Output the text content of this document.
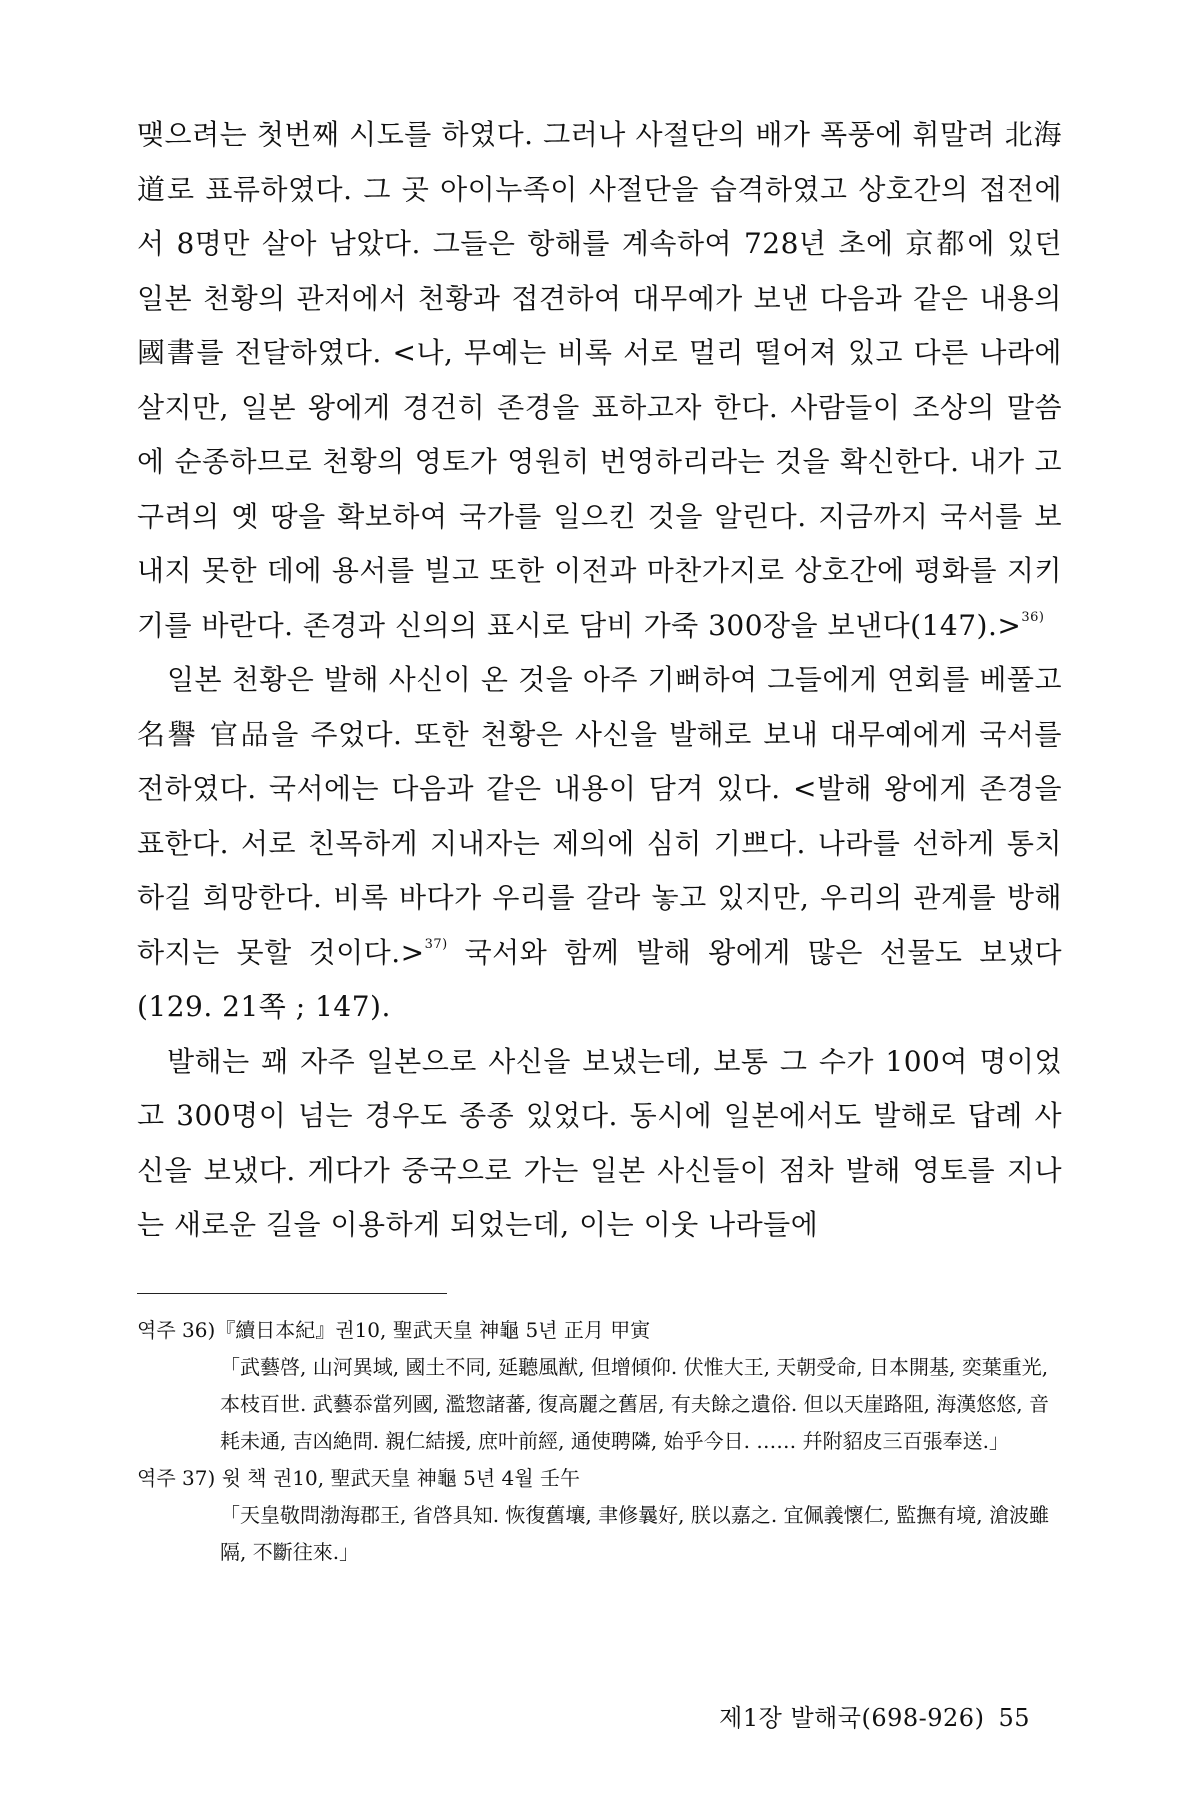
맺으려는 첫번째 시도를 하였다. 그러나 사절단의 배가 폭풍에 휘말려 北海道로 표류하였다. 그 곳 아이누족이 사절단을 습격하였고 상호간의 접전에서 8명만 살아 남았다. 그들은 항해를 계속하여 728년 초에 京都에 있던 일본 천황의 관저에서 천황과 접견하여 대무예가 보낸 다음과 같은 내용의 國書를 전달하였다. <나, 무예는 비록 서로 멀리 떨어져 있고 다른 나라에 살지만, 일본 왕에게 경건히 존경을 표하고자 한다. 사람들이 조상의 말씀에 순종하므로 천황의 영토가 영원히 번영하리라는 것을 확신한다. 내가 고구려의 옛 땅을 확보하여 국가를 일으킨 것을 알린다. 지금까지 국서를 보내지 못한 데에 용서를 빌고 또한 이전과 마찬가지로 상호간에 평화를 지키기를 바란다. 존경과 신의의 표시로 담비 가죽 300장을 보낸다(147).>$^{36)}$

일본 천황은 발해 사신이 온 것을 아주 기뻐하여 그들에게 연회를 베풀고 名譽 官品을 주었다. 또한 천황은 사신을 발해로 보내 대무예에게 국서를 전하였다. 국서에는 다음과 같은 내용이 담겨 있다. <발해 왕에게 존경을 표한다. 서로 친목하게 지내자는 제의에 심히 기쁘다. 나라를 선하게 통치하길 희망한다. 비록 바다가 우리를 갈라 놓고 있지만, 우리의 관계를 방해하지는 못할 것이다.>$^{37)}$ 국서와 함께 발해 왕에게 많은 선물도 보냈다(129. 21쪽 ; 147).

발해는 꽤 자주 일본으로 사신을 보냈는데, 보통 그 수가 100여 명이었고 300명이 넘는 경우도 종종 있었다. 동시에 일본에서도 발해로 답례 사신을 보냈다. 게다가 중국으로 가는 일본 사신들이 점차 발해 영토를 지나는 새로운 길을 이용하게 되었는데, 이는 이웃 나라들에

역주 36)『續日本紀』권10, 聖武天皇 神龜 5년 正月 甲寅

「武藝啓, 山河異域, 國土不同, 延聽風猷, 但增傾仰. 伏惟大王, 天朝受命, 日本開基, 奕葉重光, 本枝百世. 武藝忝當列國, 濫惣諸蕃, 復高麗之舊居, 有夫餘之遺俗. 但以天崖路阻, 海漢悠悠, 音耗未通, 吉凶絶問. 親仁結援, 庶叶前經, 通使聘隣, 始乎今日. …… 幷附貂皮三百張奉送.」

역주 37) 윗 책 권10, 聖武天皇 神龜 5년 4월 壬午

「天皇敬問渤海郡王, 省啓具知. 恢復舊壤, 聿修曩好, 朕以嘉之. 宜佩義懷仁, 監撫有境, 滄波雖隔, 不斷往來.」

제1장 발해국(698-926) 55
